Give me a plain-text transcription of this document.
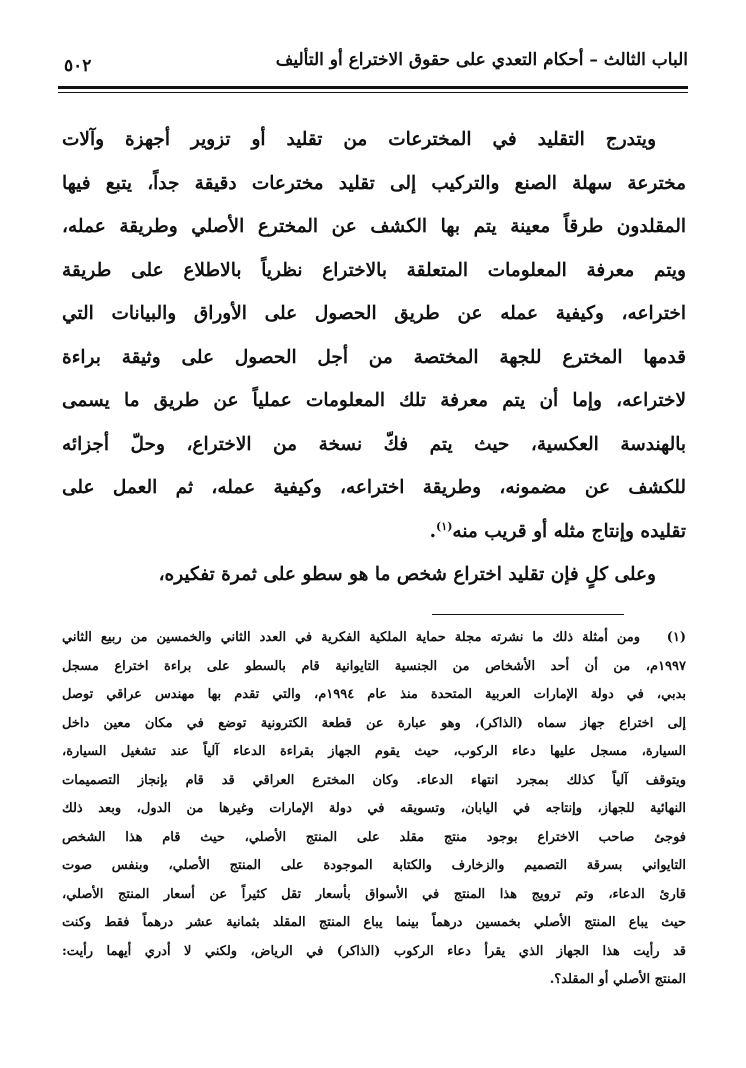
الباب الثالث – أحكام التعدي على حقوق الاختراع أو التأليف
٥٠٢
ويتدرج التقليد في المخترعات من تقليد أو تزوير أجهزة وآلات
مخترعة سهلة الصنع والتركيب إلى تقليد مخترعات دقيقة جداً، يتبع فيها
المقلدون طرقاً معينة يتم بها الكشف عن المخترع الأصلي وطريقة عمله،
ويتم معرفة المعلومات المتعلقة بالاختراع نظرياً بالاطلاع على طريقة
اختراعه، وكيفية عمله عن طريق الحصول على الأوراق والبيانات التي
قدمها المخترع للجهة المختصة من أجل الحصول على وثيقة براءة
لاختراعه، وإما أن يتم معرفة تلك المعلومات عملياً عن طريق ما يسمى
بالهندسة العكسية، حيث يتم فكّ نسخة من الاختراع، وحلّ أجزائه
للكشف عن مضمونه، وطريقة اختراعه، وكيفية عمله، ثم العمل على
تقليده وإنتاج مثله أو قريب منه$^{(١)}$.
وعلى كلٍ فإن تقليد اختراع شخص ما هو سطو على ثمرة تفكيره،
(١)
ومن أمثلة ذلك ما نشرته مجلة حماية الملكية الفكرية في العدد الثاني والخمسين من ربيع الثاني
١٩٩٧م، من أن أحد الأشخاص من الجنسية التايوانية قام بالسطو على براءة اختراع مسجل
بدبي، في دولة الإمارات العربية المتحدة منذ عام ١٩٩٤م، والتي تقدم بها مهندس عراقي توصل
إلى اختراع جهاز سماه (الذاكر)، وهو عبارة عن قطعة الكترونية توضع في مكان معين داخل
السيارة، مسجل عليها دعاء الركوب، حيث يقوم الجهاز بقراءة الدعاء آلياً عند تشغيل السيارة،
ويتوقف آلياً كذلك بمجرد انتهاء الدعاء. وكان المخترع العراقي قد قام بإنجاز التصميمات
النهائية للجهاز، وإنتاجه في اليابان، وتسويقه في دولة الإمارات وغيرها من الدول، وبعد ذلك
فوجئ صاحب الاختراع بوجود منتج مقلد على المنتج الأصلي، حيث قام هذا الشخص
التايواني بسرقة التصميم والزخارف والكتابة الموجودة على المنتج الأصلي، وبنفس صوت
قارئ الدعاء، وتم ترويج هذا المنتج في الأسواق بأسعار تقل كثيراً عن أسعار المنتج الأصلي،
حيث يباع المنتج الأصلي بخمسين درهماً بينما يباع المنتج المقلد بثمانية عشر درهماً فقط وكنت
قد رأيت هذا الجهاز الذي يقرأ دعاء الركوب (الذاكر) في الرياض، ولكني لا أدري أيهما رأيت:
المنتج الأصلي أو المقلد؟.
